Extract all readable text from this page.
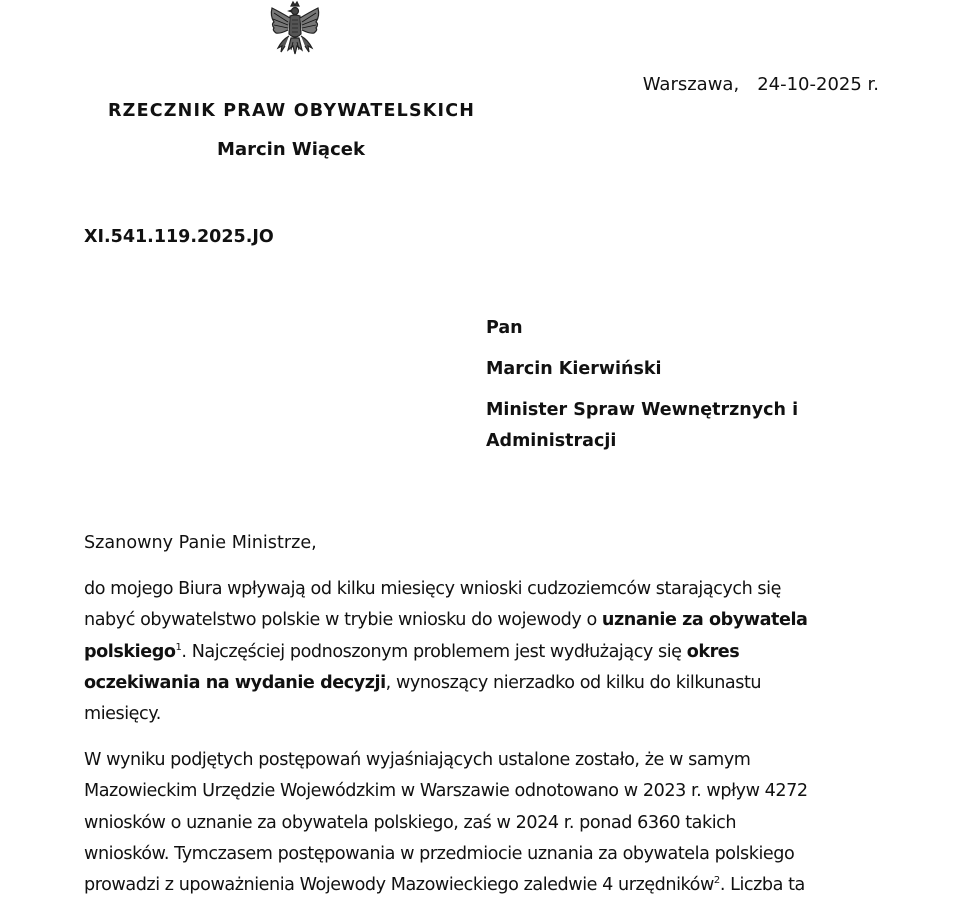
RZECZNIK PRAW OBYWATELSKICH
Marcin Wiącek
Warszawa, 24-10-2025 r.
XI.541.119.2025.JO
Pan
Marcin Kierwiński
Minister Spraw Wewnętrznych i
Administracji

Szanowny Panie Ministrze,

do mojego Biura wpływają od kilku miesięcy wnioski cudzoziemców starających się
nabyć obywatelstwo polskie w trybie wniosku do wojewody o uznanie za obywatela
polskiego$^1$. Najczęściej podnoszonym problemem jest wydłużający się okres
oczekiwania na wydanie decyzji, wynoszący nierzadko od kilku do kilkunastu
miesięcy.

W wyniku podjętych postępowań wyjaśniających ustalone zostało, że w samym
Mazowieckim Urzędzie Wojewódzkim w Warszawie odnotowano w 2023 r. wpływ 4272
wniosków o uznanie za obywatela polskiego, zaś w 2024 r. ponad 6360 takich
wniosków. Tymczasem postępowania w przedmiocie uznania za obywatela polskiego
prowadzi z upoważnienia Wojewody Mazowieckiego zaledwie 4 urzędników$^2$. Liczba ta
